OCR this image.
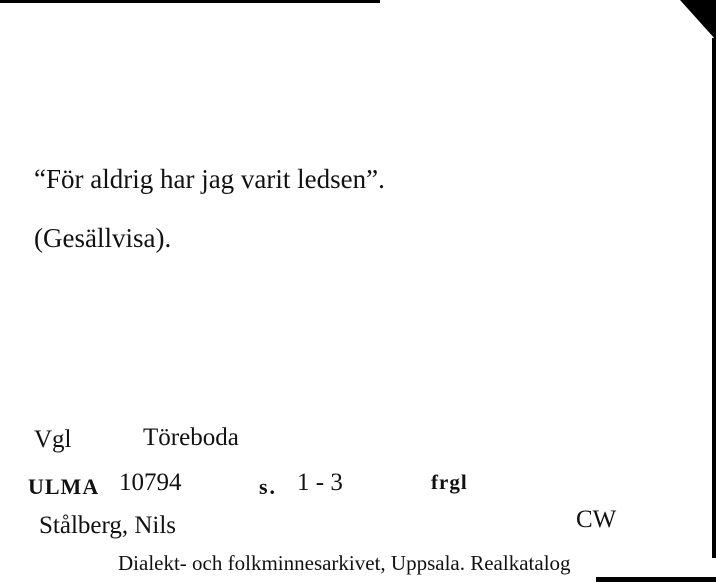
“För aldrig har jag varit ledsen”.
(Gesällvisa).
Vgl	Töreboda
ULMA 10794	s. 1 - 3	frgl
Stålberg, Nils	CW
Dialekt- och folkminnesarkivet, Uppsala. Realkatalog
